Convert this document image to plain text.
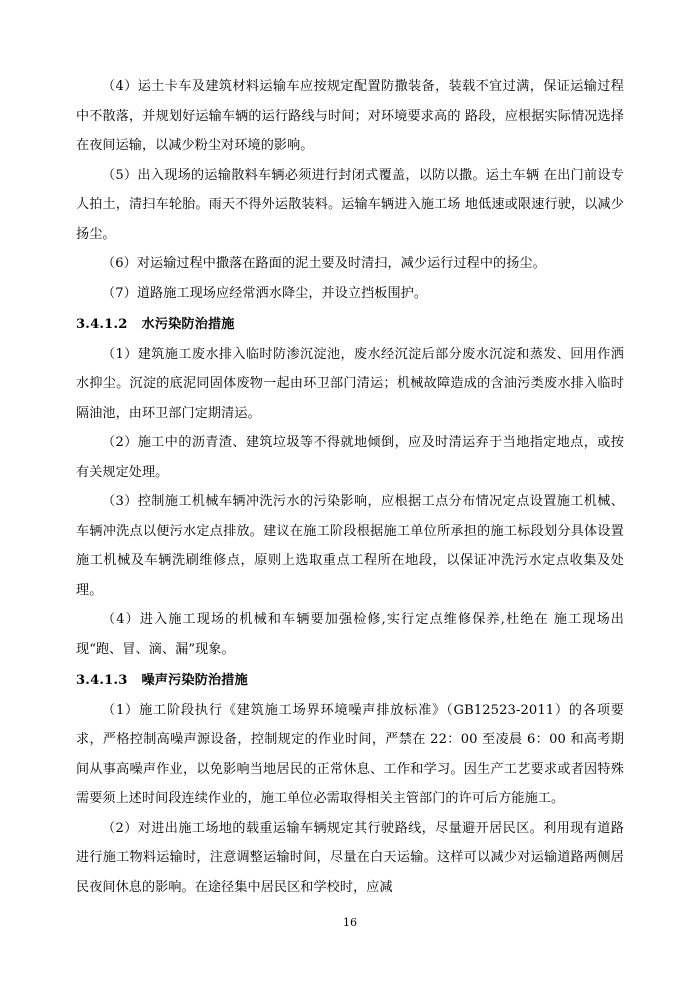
（4）运土卡车及建筑材料运输车应按规定配置防撒装备，装载不宜过满，保证运输过程中不散落，并规划好运输车辆的运行路线与时间；对环境要求高的 路段，应根据实际情况选择在夜间运输，以减少粉尘对环境的影响。

（5）出入现场的运输散料车辆必须进行封闭式覆盖，以防以撒。运土车辆 在出门前设专人拍土，清扫车轮胎。雨天不得外运散装料。运输车辆进入施工场 地低速或限速行驶，以减少扬尘。

（6）对运输过程中撒落在路面的泥土要及时清扫，减少运行过程中的扬尘。

（7）道路施工现场应经常洒水降尘，并设立挡板围护。

3.4.1.2 水污染防治措施

（1）建筑施工废水排入临时防渗沉淀池，废水经沉淀后部分废水沉淀和蒸发、回用作洒水抑尘。沉淀的底泥同固体废物一起由环卫部门清运；机械故障造成的含油污类废水排入临时隔油池，由环卫部门定期清运。

（2）施工中的沥青渣、建筑垃圾等不得就地倾倒，应及时清运弃于当地指定地点，或按有关规定处理。

（3）控制施工机械车辆冲洗污水的污染影响，应根据工点分布情况定点设置施工机械、车辆冲洗点以便污水定点排放。建议在施工阶段根据施工单位所承担的施工标段划分具体设置施工机械及车辆洗刷维修点，原则上选取重点工程所在地段，以保证冲洗污水定点收集及处理。

（4）进入施工现场的机械和车辆要加强检修,实行定点维修保养,杜绝在 施工现场出现“跑、冒、滴、漏”现象。

3.4.1.3 噪声污染防治措施

（1）施工阶段执行《建筑施工场界环境噪声排放标准》（GB12523-2011）的各项要求，严格控制高噪声源设备，控制规定的作业时间，严禁在 22：00 至凌晨 6：00 和高考期间从事高噪声作业，以免影响当地居民的正常休息、工作和学习。因生产工艺要求或者因特殊需要须上述时间段连续作业的，施工单位必需取得相关主管部门的许可后方能施工。

（2）对进出施工场地的载重运输车辆规定其行驶路线，尽量避开居民区。利用现有道路进行施工物料运输时，注意调整运输时间，尽量在白天运输。这样可以减少对运输道路两侧居民夜间休息的影响。在途径集中居民区和学校时，应减

16
